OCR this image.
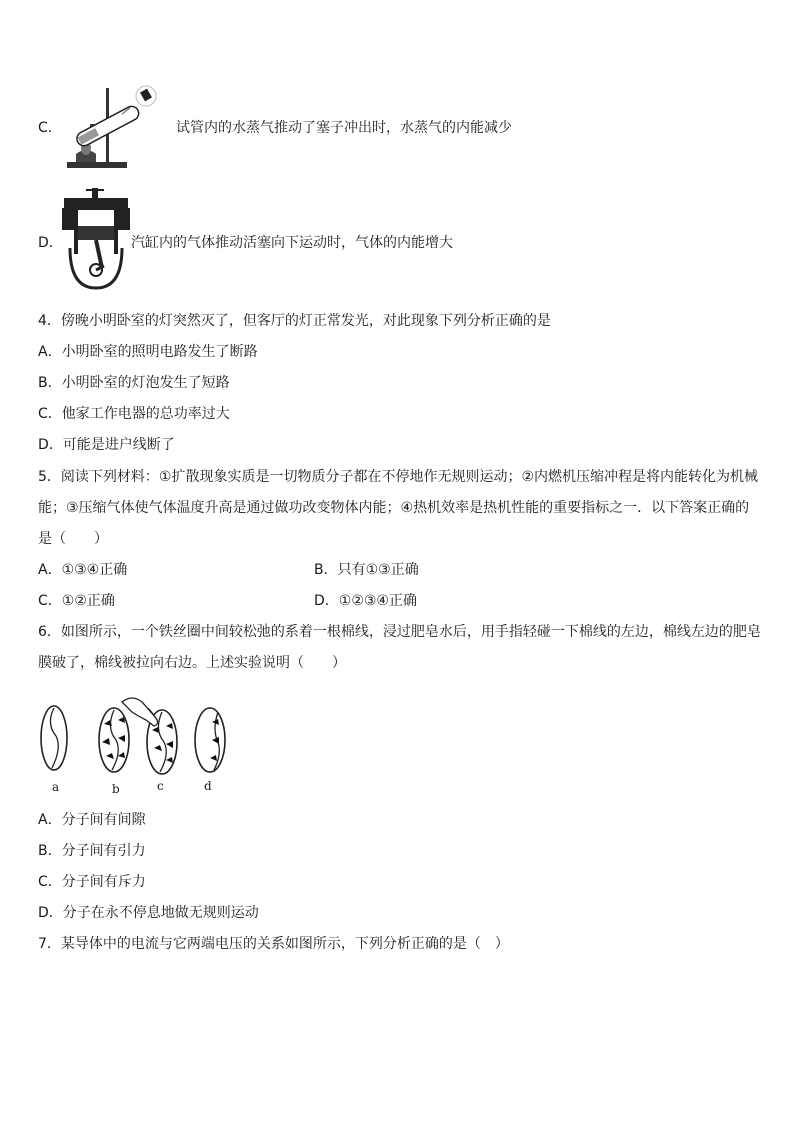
C．	试管内的水蒸气推动了塞子冲出时，水蒸气的内能减少
D．	汽缸内的气体推动活塞向下运动时，气体的内能增大
4．傍晚小明卧室的灯突然灭了，但客厅的灯正常发光，对此现象下列分析正确的是
A．小明卧室的照明电路发生了断路
B．小明卧室的灯泡发生了短路
C．他家工作电器的总功率过大
D．可能是进户线断了
5．阅读下列材料：①扩散现象实质是一切物质分子都在不停地作无规则运动；②内燃机压缩冲程是将内能转化为机械
能；③压缩气体使气体温度升高是通过做功改变物体内能；④热机效率是热机性能的重要指标之一．以下答案正确的
是（　　）
A．①③④正确	B．只有①③正确
C．①②正确	D．①②③④正确
6．如图所示，一个铁丝圈中间较松弛的系着一根棉线，浸过肥皂水后，用手指轻碰一下棉线的左边，棉线左边的肥皂
膜破了，棉线被拉向右边。上述实验说明（　　）
a	b	c	d
A．分子间有间隙
B．分子间有引力
C．分子间有斥力
D．分子在永不停息地做无规则运动
7．某导体中的电流与它两端电压的关系如图所示，下列分析正确的是（　）
